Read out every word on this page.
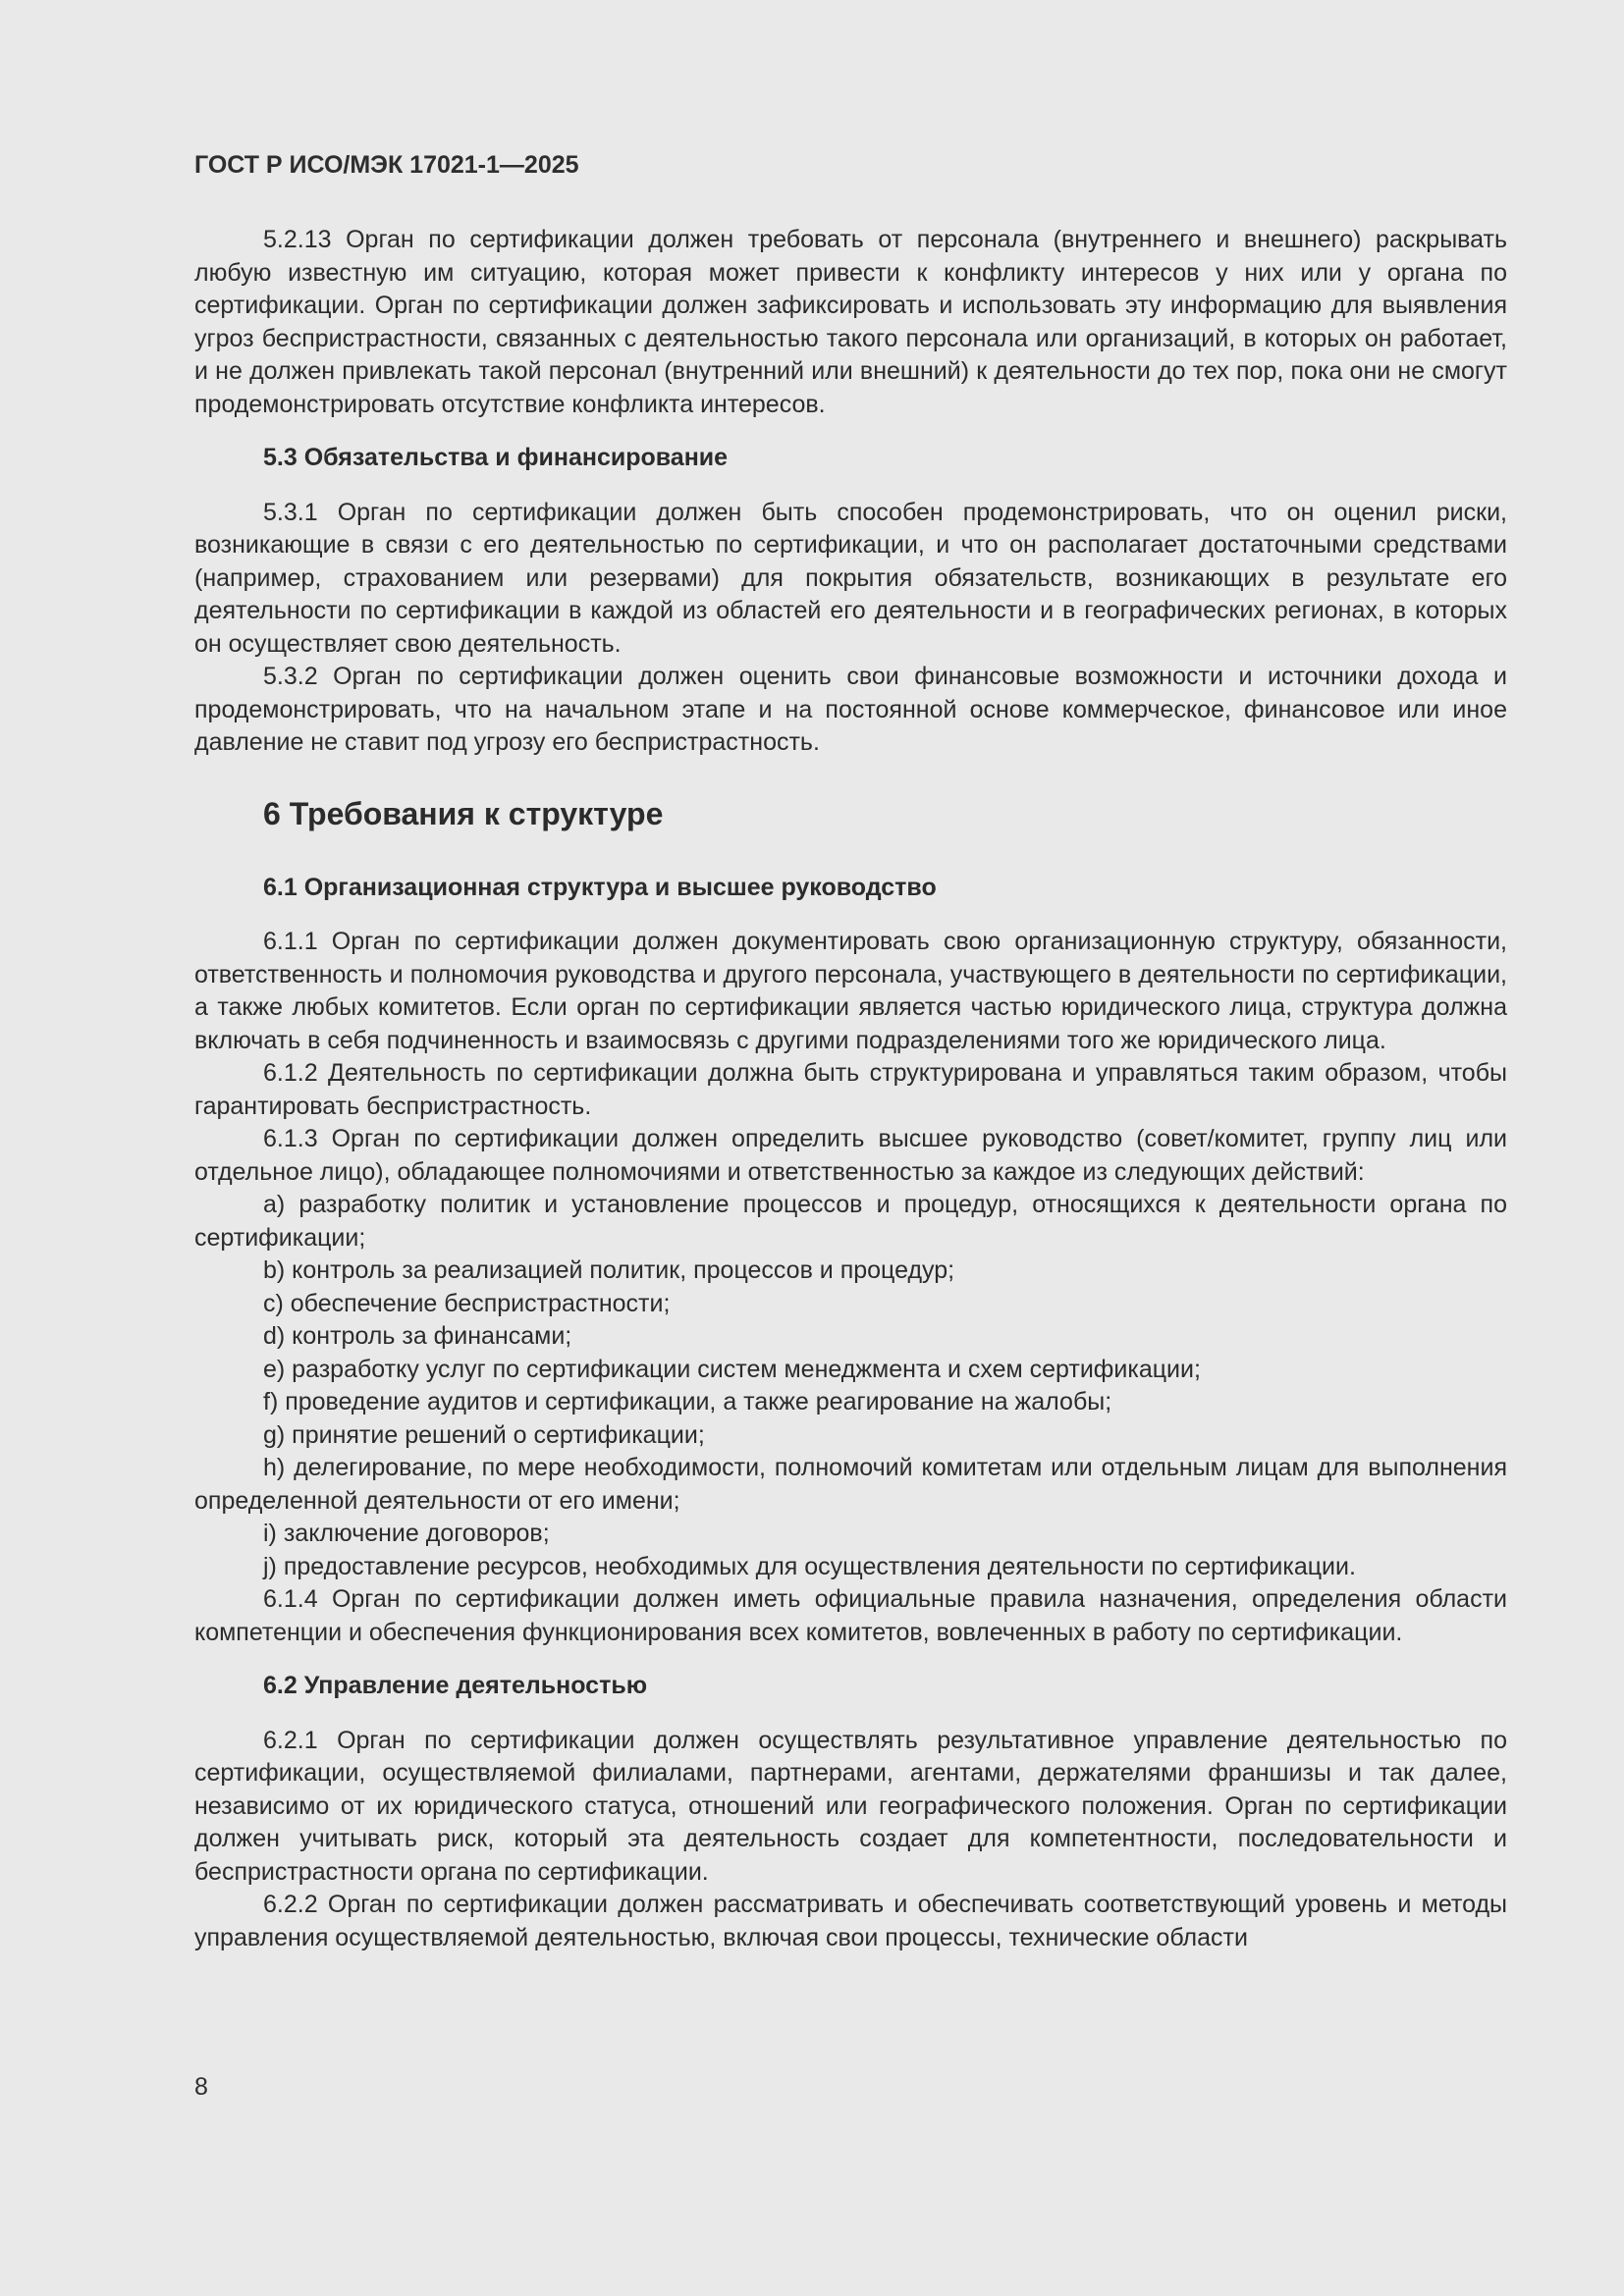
ГОСТ Р ИСО/МЭК 17021-1—2025

5.2.13 Орган по сертификации должен требовать от персонала (внутреннего и внешнего) раскрывать любую известную им ситуацию, которая может привести к конфликту интересов у них или у органа по сертификации. Орган по сертификации должен зафиксировать и использовать эту информацию для выявления угроз беспристрастности, связанных с деятельностью такого персонала или организаций, в которых он работает, и не должен привлекать такой персонал (внутренний или внешний) к деятельности до тех пор, пока они не смогут продемонстрировать отсутствие конфликта интересов.

5.3 Обязательства и финансирование

5.3.1 Орган по сертификации должен быть способен продемонстрировать, что он оценил риски, возникающие в связи с его деятельностью по сертификации, и что он располагает достаточными средствами (например, страхованием или резервами) для покрытия обязательств, возникающих в результате его деятельности по сертификации в каждой из областей его деятельности и в географических регионах, в которых он осуществляет свою деятельность.

5.3.2 Орган по сертификации должен оценить свои финансовые возможности и источники дохода и продемонстрировать, что на начальном этапе и на постоянной основе коммерческое, финансовое или иное давление не ставит под угрозу его беспристрастность.

6 Требования к структуре
6.1 Организационная структура и высшее руководство

6.1.1 Орган по сертификации должен документировать свою организационную структуру, обязанности, ответственность и полномочия руководства и другого персонала, участвующего в деятельности по сертификации, а также любых комитетов. Если орган по сертификации является частью юридического лица, структура должна включать в себя подчиненность и взаимосвязь с другими подразделениями того же юридического лица.

6.1.2 Деятельность по сертификации должна быть структурирована и управляться таким образом, чтобы гарантировать беспристрастность.

6.1.3 Орган по сертификации должен определить высшее руководство (совет/комитет, группу лиц или отдельное лицо), обладающее полномочиями и ответственностью за каждое из следующих действий:

a) разработку политик и установление процессов и процедур, относящихся к деятельности органа по сертификации;

b) контроль за реализацией политик, процессов и процедур;

c) обеспечение беспристрастности;

d) контроль за финансами;

e) разработку услуг по сертификации систем менеджмента и схем сертификации;

f) проведение аудитов и сертификации, а также реагирование на жалобы;

g) принятие решений о сертификации;

h) делегирование, по мере необходимости, полномочий комитетам или отдельным лицам для выполнения определенной деятельности от его имени;

i) заключение договоров;

j) предоставление ресурсов, необходимых для осуществления деятельности по сертификации.

6.1.4 Орган по сертификации должен иметь официальные правила назначения, определения области компетенции и обеспечения функционирования всех комитетов, вовлеченных в работу по сертификации.

6.2 Управление деятельностью

6.2.1 Орган по сертификации должен осуществлять результативное управление деятельностью по сертификации, осуществляемой филиалами, партнерами, агентами, держателями франшизы и так далее, независимо от их юридического статуса, отношений или географического положения. Орган по сертификации должен учитывать риск, который эта деятельность создает для компетентности, последовательности и беспристрастности органа по сертификации.

6.2.2 Орган по сертификации должен рассматривать и обеспечивать соответствующий уровень и методы управления осуществляемой деятельностью, включая свои процессы, технические области

8
